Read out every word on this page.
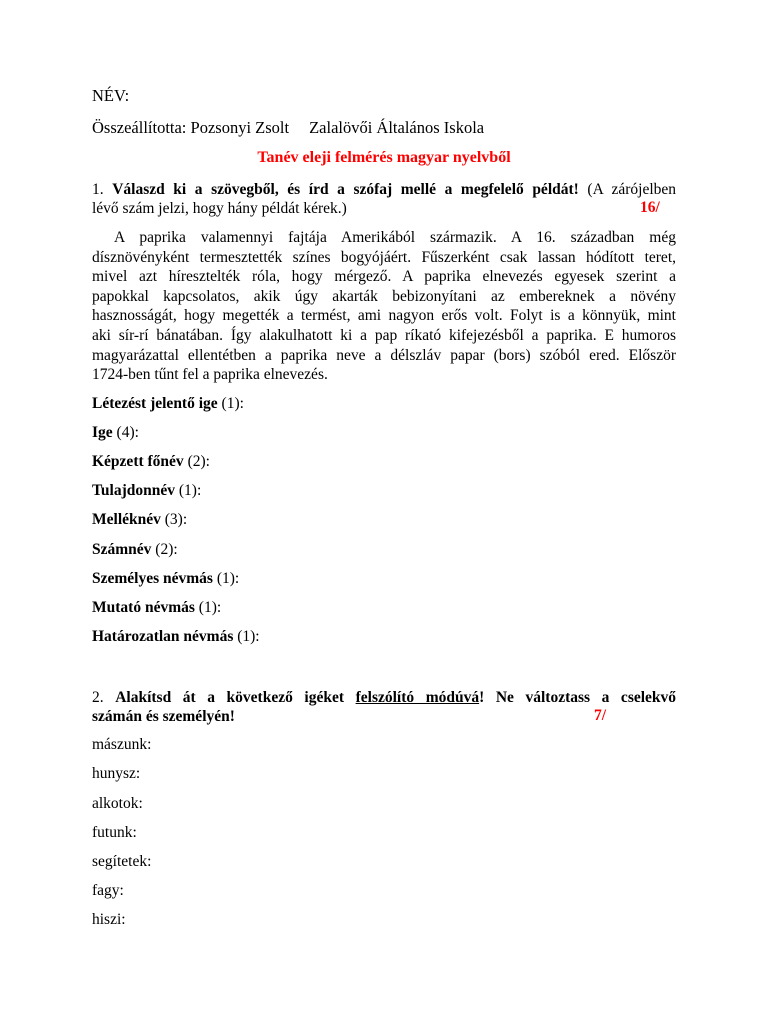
NÉV:
Összeállította: Pozsonyi Zsolt Zalalövői Általános Iskola
Tanév eleji felmérés magyar nyelvből
1. Válaszd ki a szövegből, és írd a szófaj mellé a megfelelő példát! (A zárójelben
lévő szám jelzi, hogy hány példát kérek.)	16/
A paprika valamennyi fajtája Amerikából származik. A 16. században még
dísznövényként termesztették színes bogyójáért. Fűszerként csak lassan hódított teret,
mivel azt híresztelték róla, hogy mérgező. A paprika elnevezés egyesek szerint a
papokkal kapcsolatos, akik úgy akarták bebizonyítani az embereknek a növény
hasznosságát, hogy megették a termést, ami nagyon erős volt. Folyt is a könnyük, mint
aki sír-rí bánatában. Így alakulhatott ki a pap ríkató kifejezésből a paprika. E humoros
magyarázattal ellentétben a paprika neve a délszláv papar (bors) szóból ered. Először
1724-ben tűnt fel a paprika elnevezés.
Létezést jelentő ige (1):
Ige (4):
Képzett főnév (2):
Tulajdonnév (1):
Melléknév (3):
Számnév (2):
Személyes névmás (1):
Mutató névmás (1):
Határozatlan névmás (1):
2. Alakítsd át a következő igéket felszólító módúvá! Ne változtass a cselekvő
számán és személyén!	7/
mászunk:
hunysz:
alkotok:
futunk:
segítetek:
fagy:
hiszi:
